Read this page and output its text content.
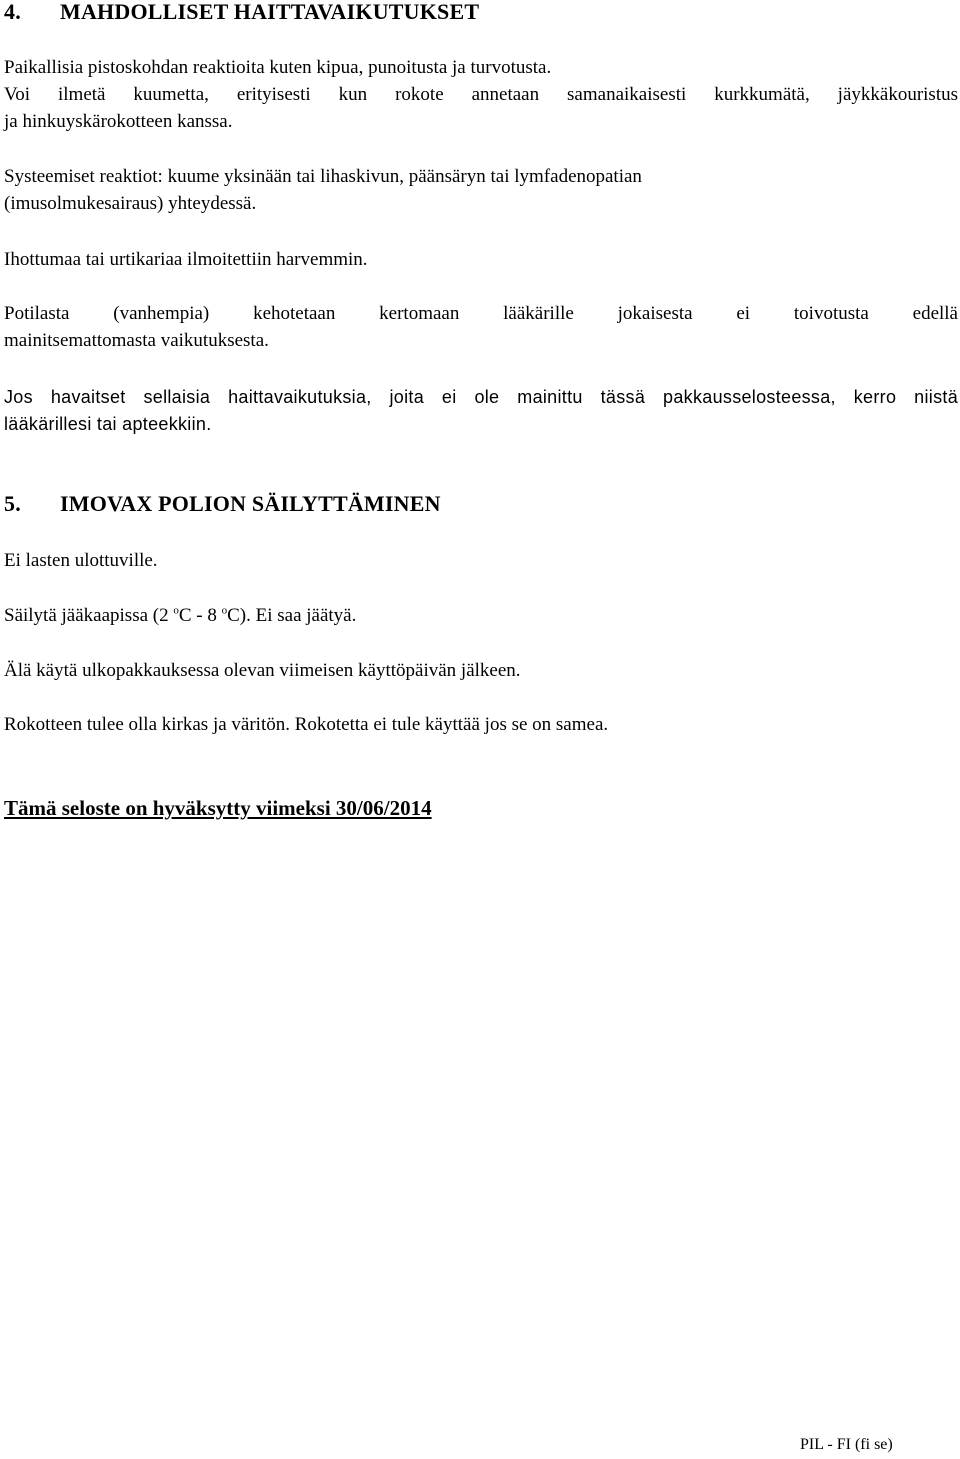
4. MAHDOLLISET HAITTAVAIKUTUKSET

Paikallisia pistoskohdan reaktioita kuten kipua, punoitusta ja turvotusta.
Voi ilmetä kuumetta, erityisesti kun rokote annetaan samanaikaisesti kurkkumätä, jäykkäkouristus
ja hinkuyskärokotteen kanssa.

Systeemiset reaktiot: kuume yksinään tai lihaskivun, päänsäryn tai lymfadenopatian
(imusolmukesairaus) yhteydessä.

Ihottumaa tai urtikariaa ilmoitettiin harvemmin.

Potilasta (vanhempia) kehotetaan kertomaan lääkärille jokaisesta ei toivotusta edellä
mainitsemattomasta vaikutuksesta.

Jos havaitset sellaisia haittavaikutuksia, joita ei ole mainittu tässä pakkausselosteessa, kerro niistä
lääkärillesi tai apteekkiin.

5. IMOVAX POLION SÄILYTTÄMINEN

Ei lasten ulottuville.

Säilytä jääkaapissa (2 $^o$C - 8 $^o$C). Ei saa jäätyä.

Älä käytä ulkopakkauksessa olevan viimeisen käyttöpäivän jälkeen.

Rokotteen tulee olla kirkas ja väritön. Rokotetta ei tule käyttää jos se on samea.

Tämä seloste on hyväksytty viimeksi 30/06/2014

PIL - FI (fi se)
